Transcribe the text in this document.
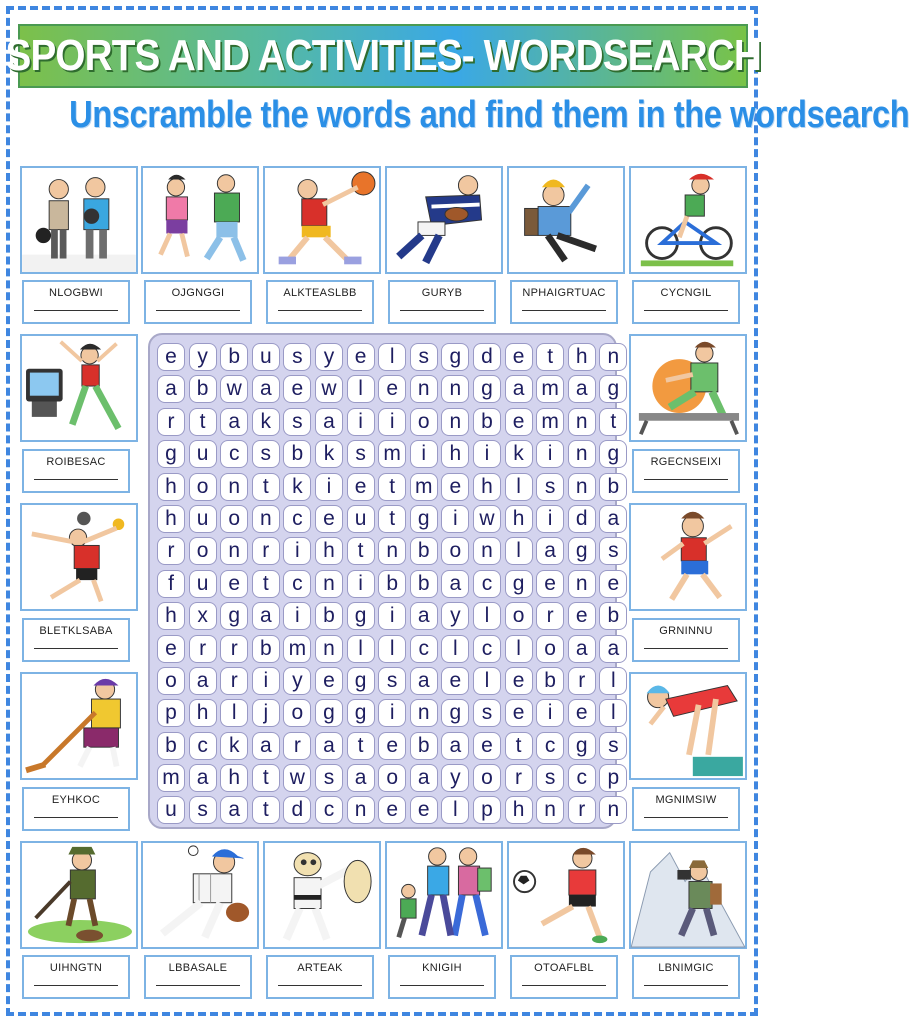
SPORTS AND ACTIVITIES- WORDSEARCH
Unscramble the words and find them in the wordsearch
NLOGBWI	OJGNGGI	ALKTEASLBB	GURYB	NPHAIGRTUAC	CYCNGIL
ROIBESAC
BLETKLSABA
EYHKOC
RGECNSEIXI
GRNINNU
MGNIMSIW
UIHNGTN	LBBASALE	ARTEAK	KNIGIH	OTOAFLBL	LBNIMGIC
e y b u s	y e	l	s g d e	t	h n
a b w a e w	l	e n n g a m a g
r	t	a k	s a	i	i	o n b e m n	t
g u c	s b k	s m i	h	i	k	i	n g
h o n	t	k	i	e	t m e h	l	s n b
h u o n c e u	t	g	i	w h	i	d a
r	o n	r	i	h	t	n b o n	l	a g s
f	u e	t	c n	i	b b a c g e n e
h x g a	i	b g	i	a y	l	o	r	e b
e	r	r	b m n	l	l	c	l	c	l	o a a
o a	r	i	y e g s a e	l	e b	r	l
p h	l	j	o g g	i	n g s e	i	e	l
b c	k a	r	a	t	e b a e	t	c g s
m a h	t	w s a o a y o	r	s	c p
u s a	t	d c n e e	l	p h n	r	n
